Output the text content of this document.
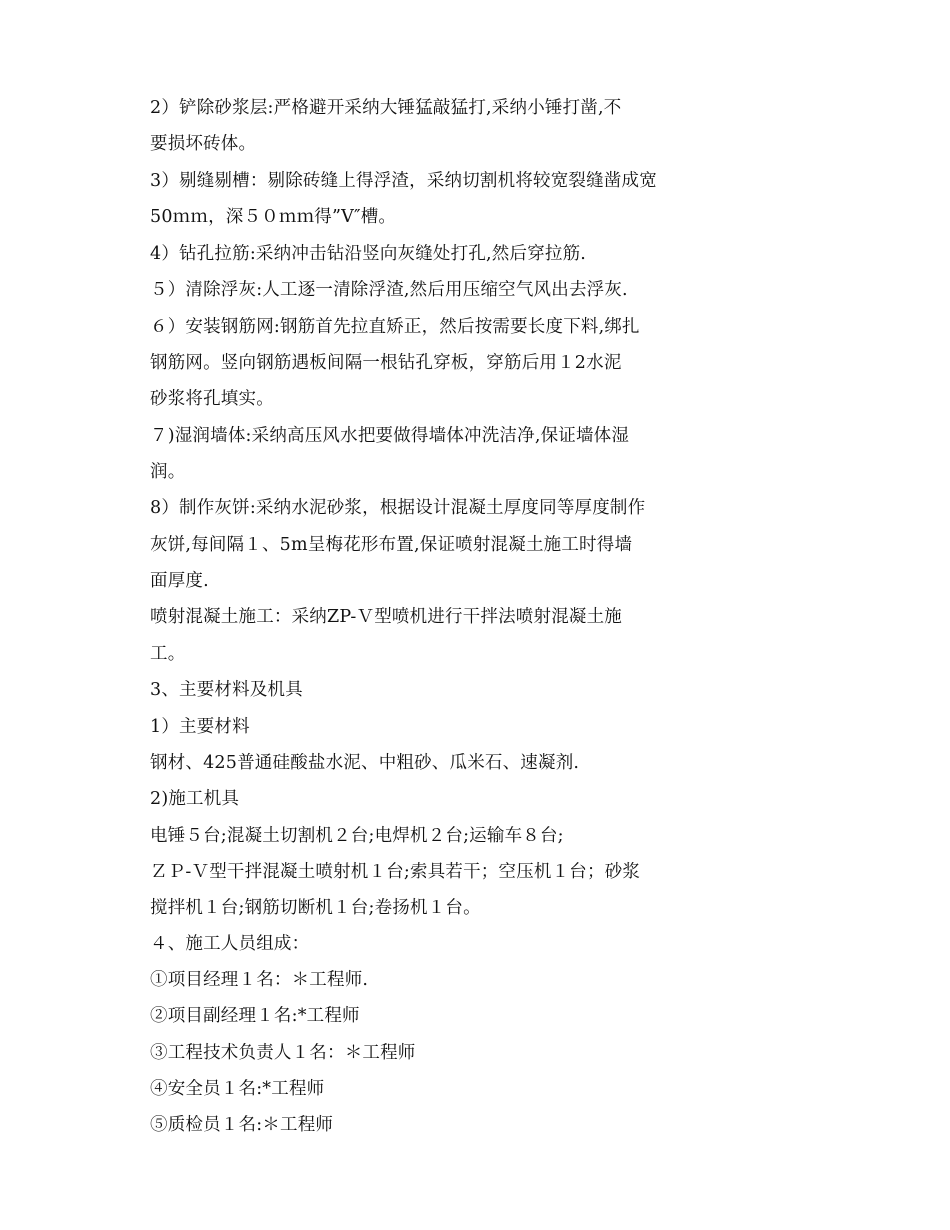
2）铲除砂浆层:严格避开采纳大锤猛敲猛打,采纳小锤打凿,不
要损坏砖体。
3）剔缝剔槽：剔除砖缝上得浮渣，采纳切割机将较宽裂缝凿成宽
50ｍｍ，深５０ｍｍ得”V″槽。
4）钻孔拉筋:采纳冲击钻沿竖向灰缝处打孔,然后穿拉筋.
５）清除浮灰:人工逐一清除浮渣,然后用压缩空气风出去浮灰.
６）安装钢筋网:钢筋首先拉直矫正，然后按需要长度下料,绑扎
钢筋网。竖向钢筋遇板间隔一根钻孔穿板，穿筋后用１2水泥
砂浆将孔填实。
７)湿润墙体:采纳高压风水把要做得墙体冲洗洁净,保证墙体湿
润。
8）制作灰饼:采纳水泥砂浆，根据设计混凝土厚度同等厚度制作
灰饼,每间隔１、5m呈梅花形布置,保证喷射混凝土施工时得墙
面厚度.
喷射混凝土施工：采纳ZP-Ｖ型喷机进行干拌法喷射混凝土施
工。
3、主要材料及机具
1）主要材料
钢材、425普通硅酸盐水泥、中粗砂、瓜米石、速凝剂.
2)施工机具
电锤５台;混凝土切割机２台;电焊机２台;运输车８台;
ＺＰ-Ｖ型干拌混凝土喷射机１台;索具若干；空压机１台；砂浆
搅拌机１台;钢筋切断机１台;卷扬机１台。
４、施工人员组成：
①项目经理１名：＊工程师.
②项目副经理１名:*工程师
③工程技术负责人１名：＊工程师
④安全员１名:*工程师
⑤质检员１名:＊工程师
